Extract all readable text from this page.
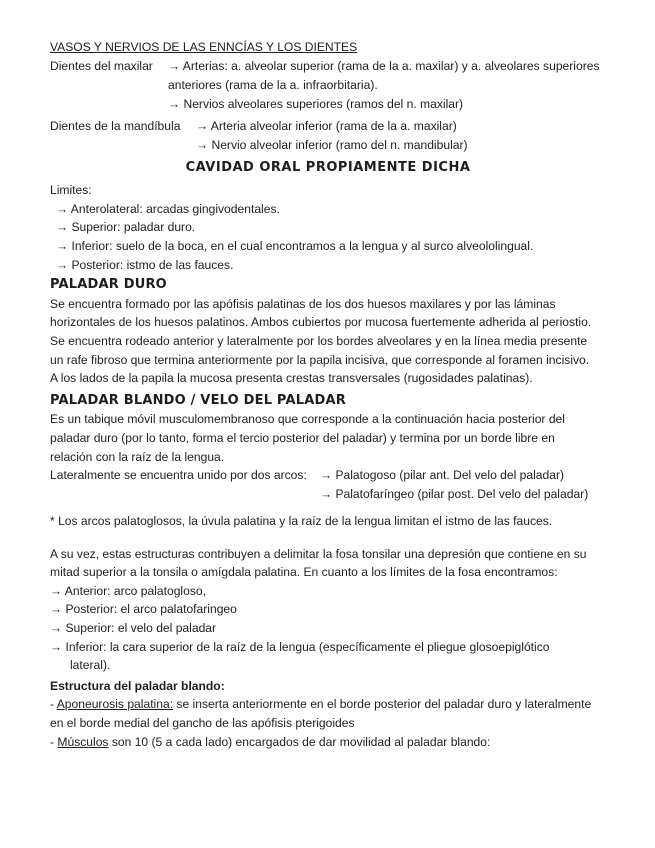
VASOS Y NERVIOS DE LAS ENNCÍAS Y LOS DIENTES
Dientes del maxilar → Arterias: a. alveolar superior (rama de la a. maxilar) y a. alveolares superiores
anteriores (rama de la a. infraorbitaria).
→ Nervios alveolares superiores (ramos del n. maxilar)
Dientes de la mandíbula → Arteria alveolar inferior (rama de la a. maxilar)
→ Nervio alveolar inferior (ramo del n. mandibular)
CAVIDAD ORAL PROPIAMENTE DICHA
Limites:
→ Anterolateral: arcadas gingivodentales.
→ Superior: paladar duro.
→ Inferior: suelo de la boca, en el cual encontramos a la lengua y al surco alveololingual.
→ Posterior: istmo de las fauces.
PALADAR DURO
Se encuentra formado por las apófisis palatinas de los dos huesos maxilares y por las láminas
horizontales de los huesos palatinos. Ambos cubiertos por mucosa fuertemente adherida al periostio.
Se encuentra rodeado anterior y lateralmente por los bordes alveolares y en la línea media presente
un rafe fibroso que termina anteriormente por la papila incisiva, que corresponde al foramen incisivo.
A los lados de la papila la mucosa presenta crestas transversales (rugosidades palatinas).
PALADAR BLANDO / VELO DEL PALADAR
Es un tabique móvil musculomembranoso que corresponde a la continuación hacia posterior del
paladar duro (por lo tanto, forma el tercio posterior del paladar) y termina por un borde libre en
relación con la raíz de la lengua.
Lateralmente se encuentra unido por dos arcos: → Palatogoso (pilar ant. Del velo del paladar)
→ Palatofaríngeo (pilar post. Del velo del paladar)
* Los arcos palatoglosos, la úvula palatina y la raíz de la lengua limitan el istmo de las fauces.
A su vez, estas estructuras contribuyen a delimitar la fosa tonsilar una depresión que contiene en su
mitad superior a la tonsila o amígdala palatina. En cuanto a los límites de la fosa encontramos:
→ Anterior: arco palatogloso,
→ Posterior: el arco palatofaringeo
→ Superior: el velo del paladar
→ Inferior: la cara superior de la raíz de la lengua (específicamente el pliegue glosoepiglótico
lateral).
Estructura del paladar blando:
- Aponeurosis palatina: se inserta anteriormente en el borde posterior del paladar duro y lateralmente
en el borde medial del gancho de las apófisis pterigoides
- Músculos son 10 (5 a cada lado) encargados de dar movilidad al paladar blando:
